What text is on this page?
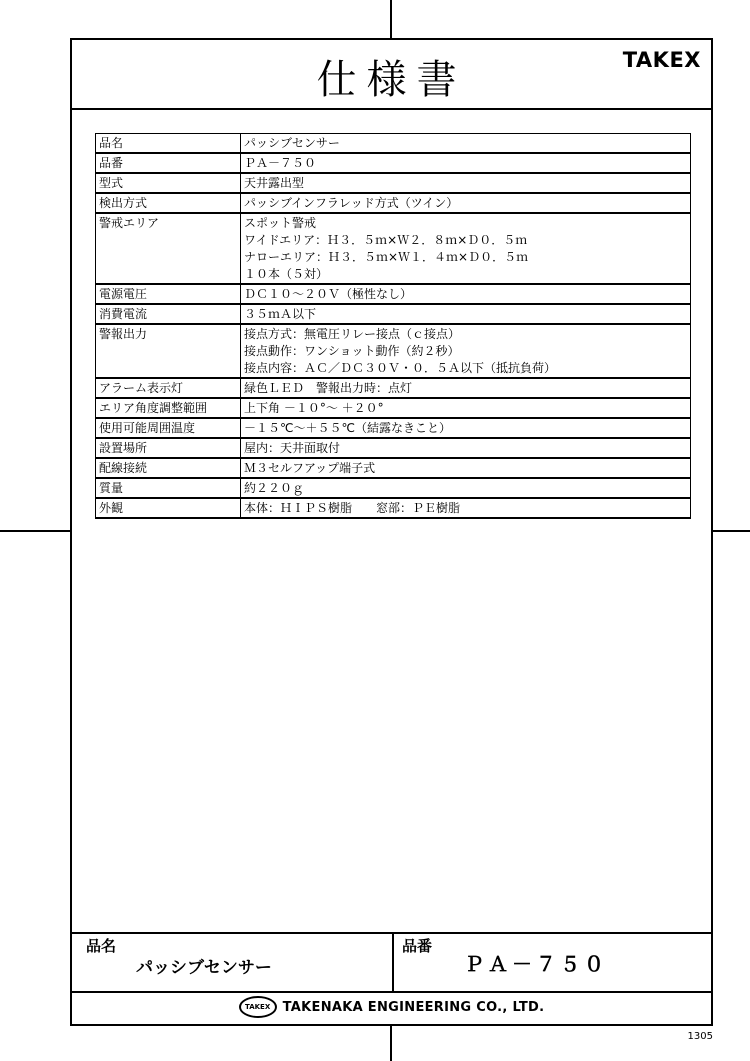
仕様書	TAKEX
品名	パッシブセンサー

品番	ＰＡ－７５０

型式	天井露出型

検出方式	パッシブインフラレッド方式（ツイン）

警戒エリア	スポット警戒
ワイドエリア：Ｈ３．５ｍ×Ｗ２．８ｍ×Ｄ０．５ｍ
ナローエリア：Ｈ３．５ｍ×Ｗ１．４ｍ×Ｄ０．５ｍ
１０本（５対）

電源電圧	ＤＣ１０～２０Ｖ（極性なし）

消費電流	３５ｍＡ以下

警報出力	接点方式：無電圧リレー接点（ｃ接点）
接点動作：ワンショット動作（約２秒）
接点内容：ＡＣ／ＤＣ３０Ｖ・０．５Ａ以下（抵抗負荷）

アラーム表示灯	緑色ＬＥＤ　警報出力時：点灯

エリア角度調整範囲	上下角 －１０°～ ＋２０°

使用可能周囲温度	－１５℃～＋５５℃（結露なきこと）

設置場所	屋内：天井面取付

配線接続	Ｍ３セルフアップ端子式

質量	約２２０ｇ

外観	本体：ＨＩＰＳ樹脂　　窓部：ＰＥ樹脂
品名
パッシブセンサー
品番
ＰＡ－７５０
TAKEX TAKENAKA ENGINEERING CO., LTD.
1305
